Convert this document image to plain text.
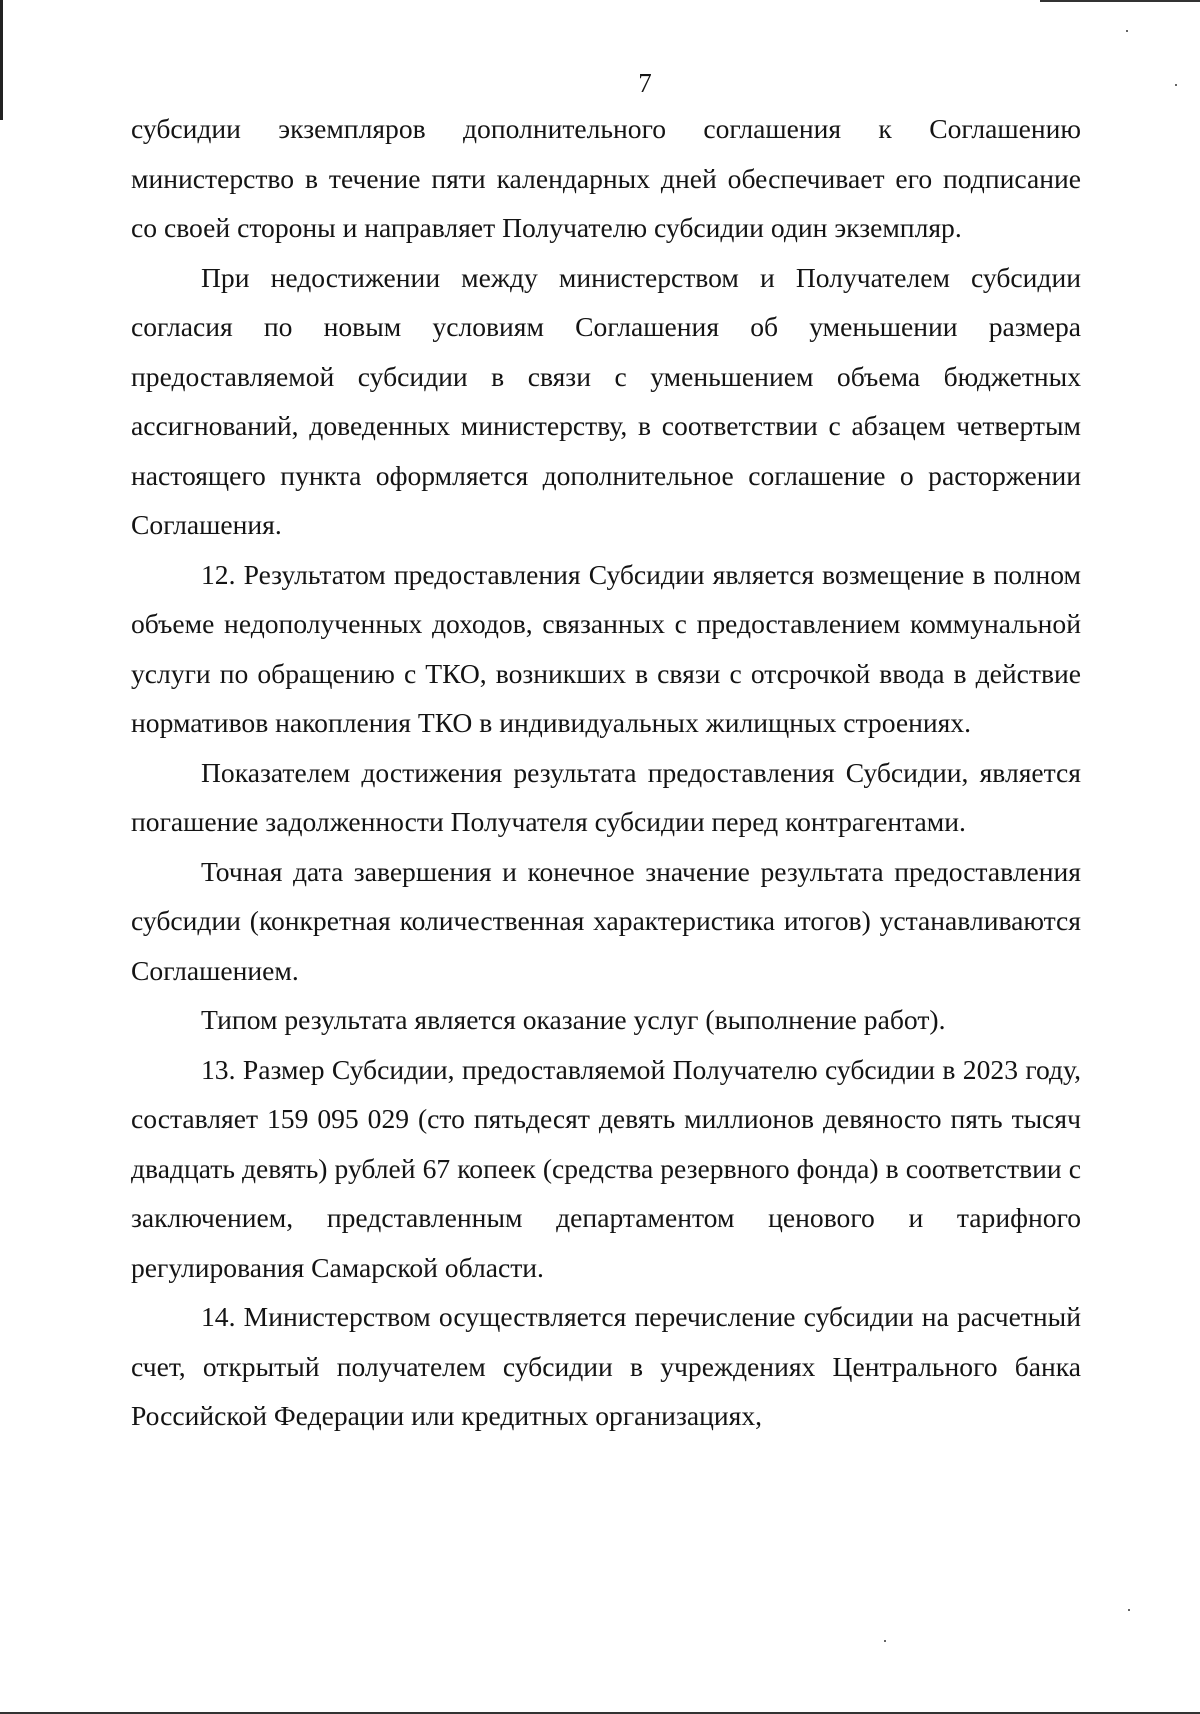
7

субсидии экземпляров дополнительного соглашения к Соглашению министерство в течение пяти календарных дней обеспечивает его подписание со своей стороны и направляет Получателю субсидии один экземпляр.

При недостижении между министерством и Получателем субсидии согласия по новым условиям Соглашения об уменьшении размера предоставляемой субсидии в связи с уменьшением объема бюджетных ассигнований, доведенных министерству, в соответствии с абзацем четвертым настоящего пункта оформляется дополнительное соглашение о расторжении Соглашения.

12. Результатом предоставления Субсидии является возмещение в полном объеме недополученных доходов, связанных с предоставлением коммунальной услуги по обращению с ТКО, возникших в связи с отсрочкой ввода в действие нормативов накопления ТКО в индивидуальных жилищных строениях.

Показателем достижения результата предоставления Субсидии, является погашение задолженности Получателя субсидии перед контрагентами.

Точная дата завершения и конечное значение результата предоставления субсидии (конкретная количественная характеристика итогов) устанавливаются Соглашением.

Типом результата является оказание услуг (выполнение работ).

13. Размер Субсидии, предоставляемой Получателю субсидии в 2023 году, составляет 159 095 029 (сто пятьдесят девять миллионов девяносто пять тысяч двадцать девять) рублей 67 копеек (средства резервного фонда) в соответствии с заключением, представленным департаментом ценового и тарифного регулирования Самарской области.

14. Министерством осуществляется перечисление субсидии на расчетный счет, открытый получателем субсидии в учреждениях Центрального банка Российской Федерации или кредитных организациях,
